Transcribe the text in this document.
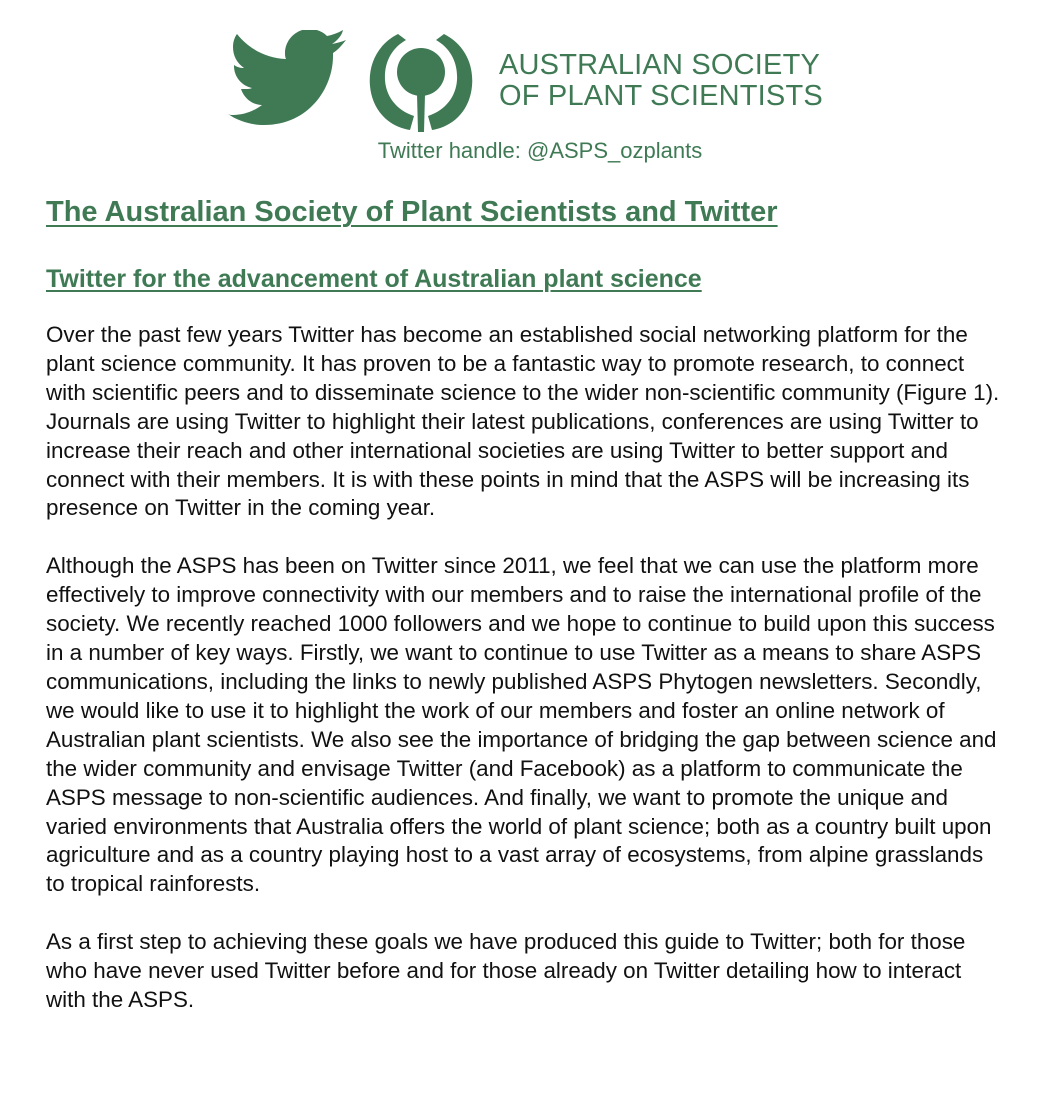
AUSTRALIAN SOCIETY
OF PLANT SCIENTISTS
Twitter handle: @ASPS_ozplants
The Australian Society of Plant Scientists and Twitter
Twitter for the advancement of Australian plant science

Over the past few years Twitter has become an established social networking platform for the plant science community. It has proven to be a fantastic way to promote research, to connect with scientific peers and to disseminate science to the wider non-scientific community (Figure 1). Journals are using Twitter to highlight their latest publications, conferences are using Twitter to increase their reach and other international societies are using Twitter to better support and connect with their members. It is with these points in mind that the ASPS will be increasing its presence on Twitter in the coming year.

Although the ASPS has been on Twitter since 2011, we feel that we can use the platform more effectively to improve connectivity with our members and to raise the international profile of the society. We recently reached 1000 followers and we hope to continue to build upon this success in a number of key ways. Firstly, we want to continue to use Twitter as a means to share ASPS communications, including the links to newly published ASPS Phytogen newsletters. Secondly, we would like to use it to highlight the work of our members and foster an online network of Australian plant scientists. We also see the importance of bridging the gap between science and the wider community and envisage Twitter (and Facebook) as a platform to communicate the ASPS message to non-scientific audiences. And finally, we want to promote the unique and varied environments that Australia offers the world of plant science; both as a country built upon agriculture and as a country playing host to a vast array of ecosystems, from alpine grasslands to tropical rainforests.

As a first step to achieving these goals we have produced this guide to Twitter; both for those who have never used Twitter before and for those already on Twitter detailing how to interact with the ASPS.
